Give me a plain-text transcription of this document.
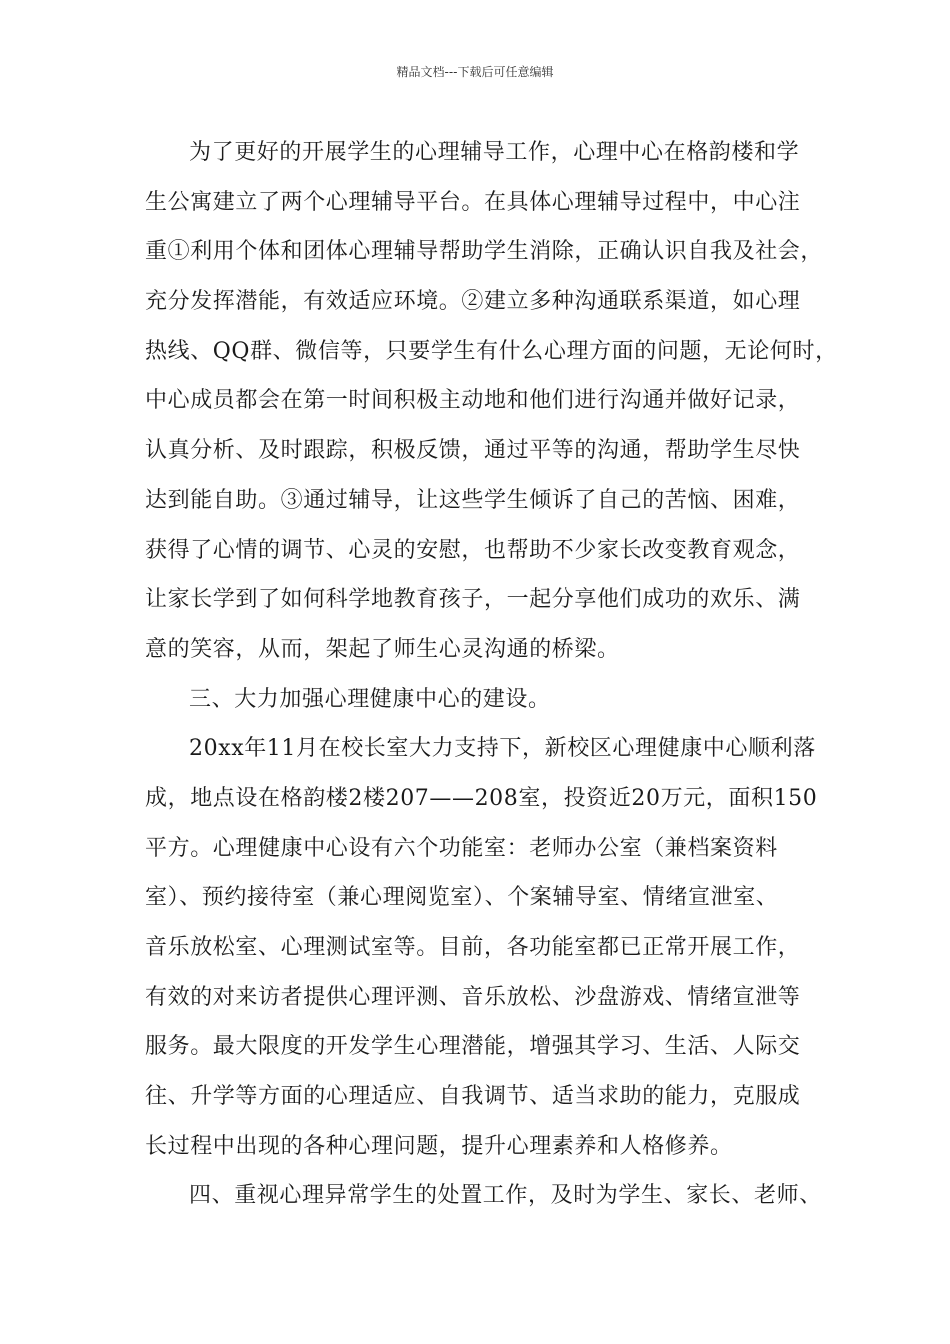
精品文档---下载后可任意编辑
为了更好的开展学生的心理辅导工作，心理中心在格韵楼和学
生公寓建立了两个心理辅导平台。在具体心理辅导过程中，中心注
重①利用个体和团体心理辅导帮助学生消除，正确认识自我及社会，
充分发挥潜能，有效适应环境。②建立多种沟通联系渠道，如心理
热线、QQ群、微信等，只要学生有什么心理方面的问题，无论何时，
中心成员都会在第一时间积极主动地和他们进行沟通并做好记录，
认真分析、及时跟踪，积极反馈，通过平等的沟通，帮助学生尽快
达到能自助。③通过辅导，让这些学生倾诉了自己的苦恼、困难，
获得了心情的调节、心灵的安慰，也帮助不少家长改变教育观念，
让家长学到了如何科学地教育孩子，一起分享他们成功的欢乐、满
意的笑容，从而，架起了师生心灵沟通的桥梁。
三、大力加强心理健康中心的建设。
20xx年11月在校长室大力支持下，新校区心理健康中心顺利落
成，地点设在格韵楼2楼207——208室，投资近20万元，面积150
平方。心理健康中心设有六个功能室：老师办公室（兼档案资料
室）、预约接待室（兼心理阅览室）、个案辅导室、情绪宣泄室、
音乐放松室、心理测试室等。目前，各功能室都已正常开展工作，
有效的对来访者提供心理评测、音乐放松、沙盘游戏、情绪宣泄等
服务。最大限度的开发学生心理潜能，增强其学习、生活、人际交
往、升学等方面的心理适应、自我调节、适当求助的能力，克服成
长过程中出现的各种心理问题，提升心理素养和人格修养。
四、重视心理异常学生的处置工作，及时为学生、家长、老师、
